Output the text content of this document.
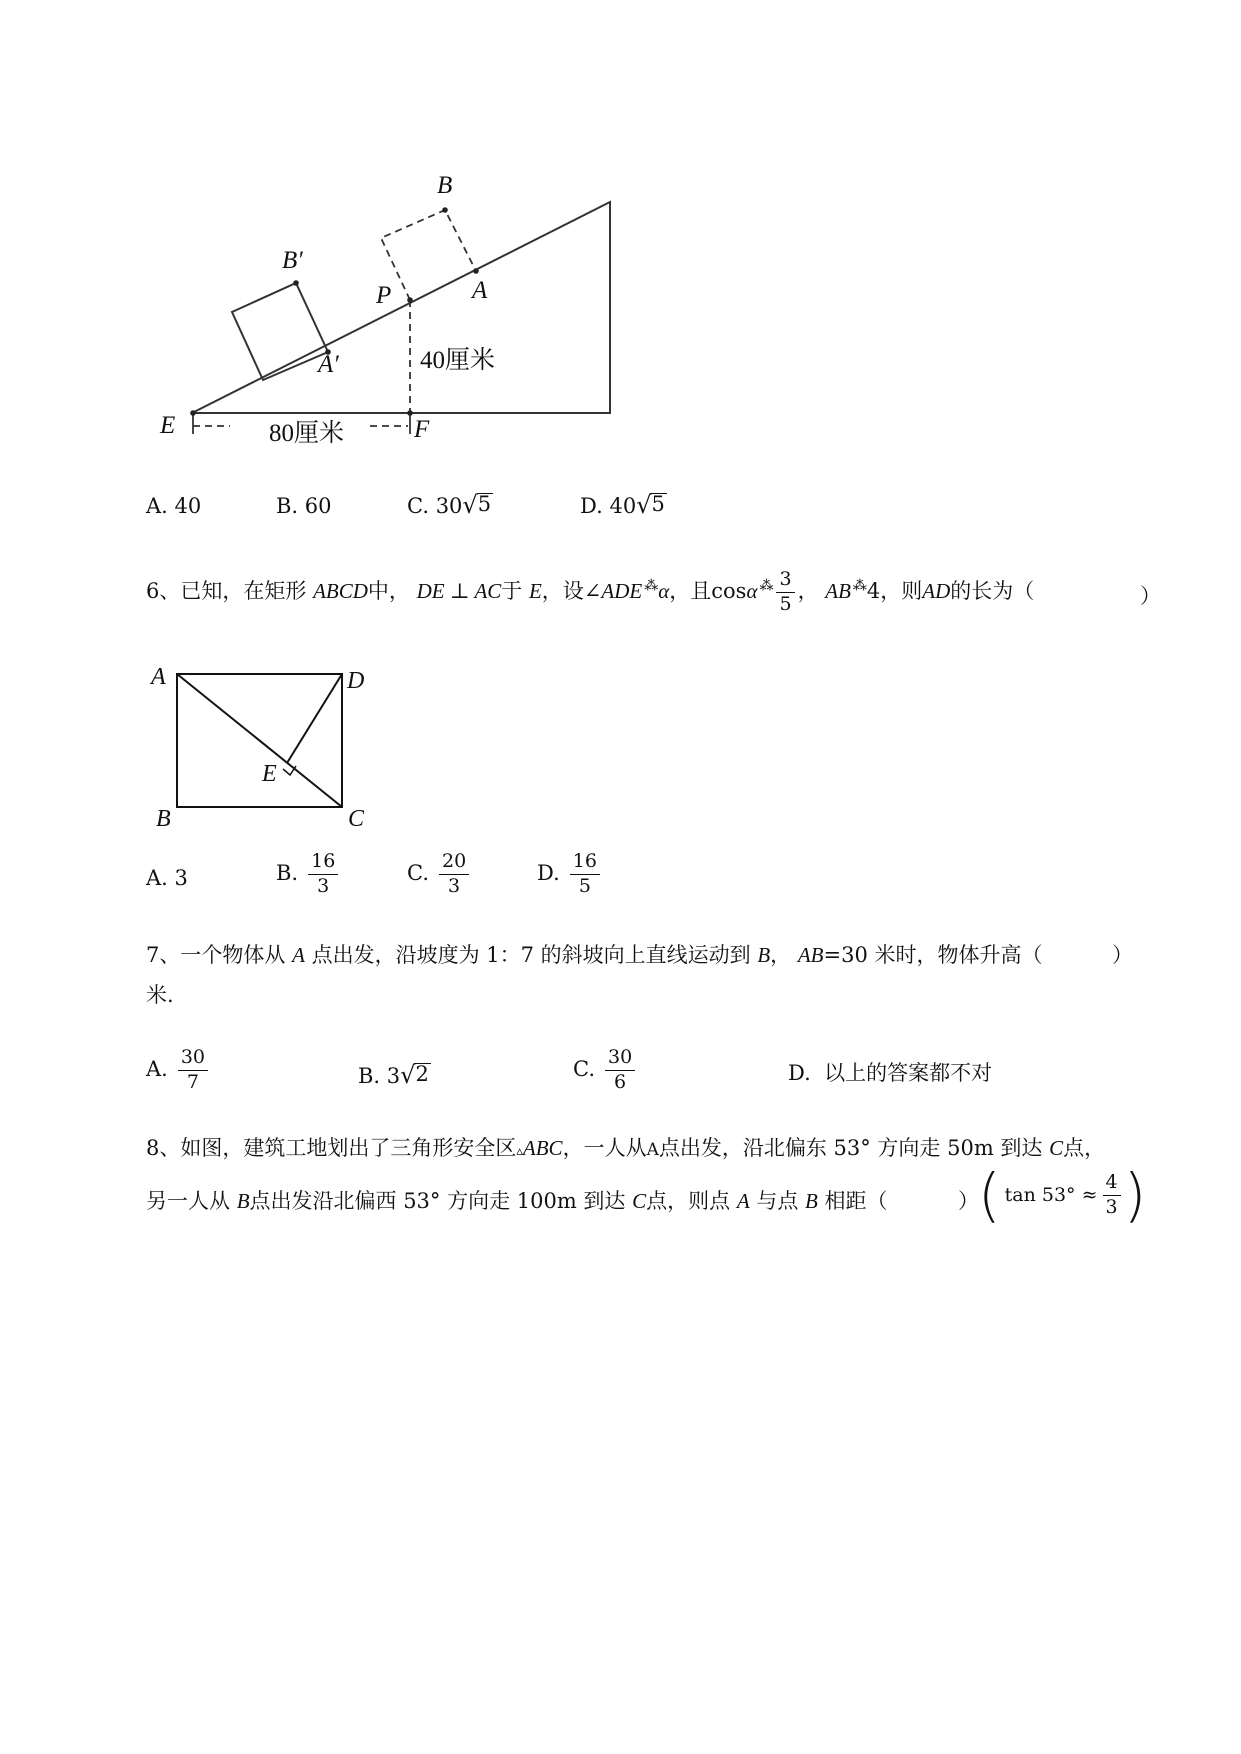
B
B′
P	A
A′
E	F
40厘米
80厘米
A. 40	B. 60	C. 30 √ 5	D. 40 √ 5
6、已知，在矩形 ABCD中， DE ⊥ AC于 E，设∠ADE ⁂α，且cosα $^⁂ \frac{3}{5}$ ， AB ⁂4，则AD的长为（	）
A	D
E
B	C
A. 3	B. $\frac{16}{3}$	C. $\frac{20}{3}$	D. $\frac{16}{5}$
7、一个物体从 A 点出发，沿坡度为 1：7 的斜坡向上直线运动到 B， AB=30 米时，物体升高（	）
米.
A. $\frac{30}{7}$	B. 3 √ 2	C. $\frac{30}{6}$	D. 以上的答案都不对
8、如图，建筑工地划出了三角形安全区▵ABC，一人从A点出发，沿北偏东 53° 方向走 50m 到达 C点，
另一人从 B点出发沿北偏西 53° 方向走 100m 到达 C点，则点 A 与点 B 相距（	） ( $\tan 53^\circ \approx \frac{4}{3}$ )
